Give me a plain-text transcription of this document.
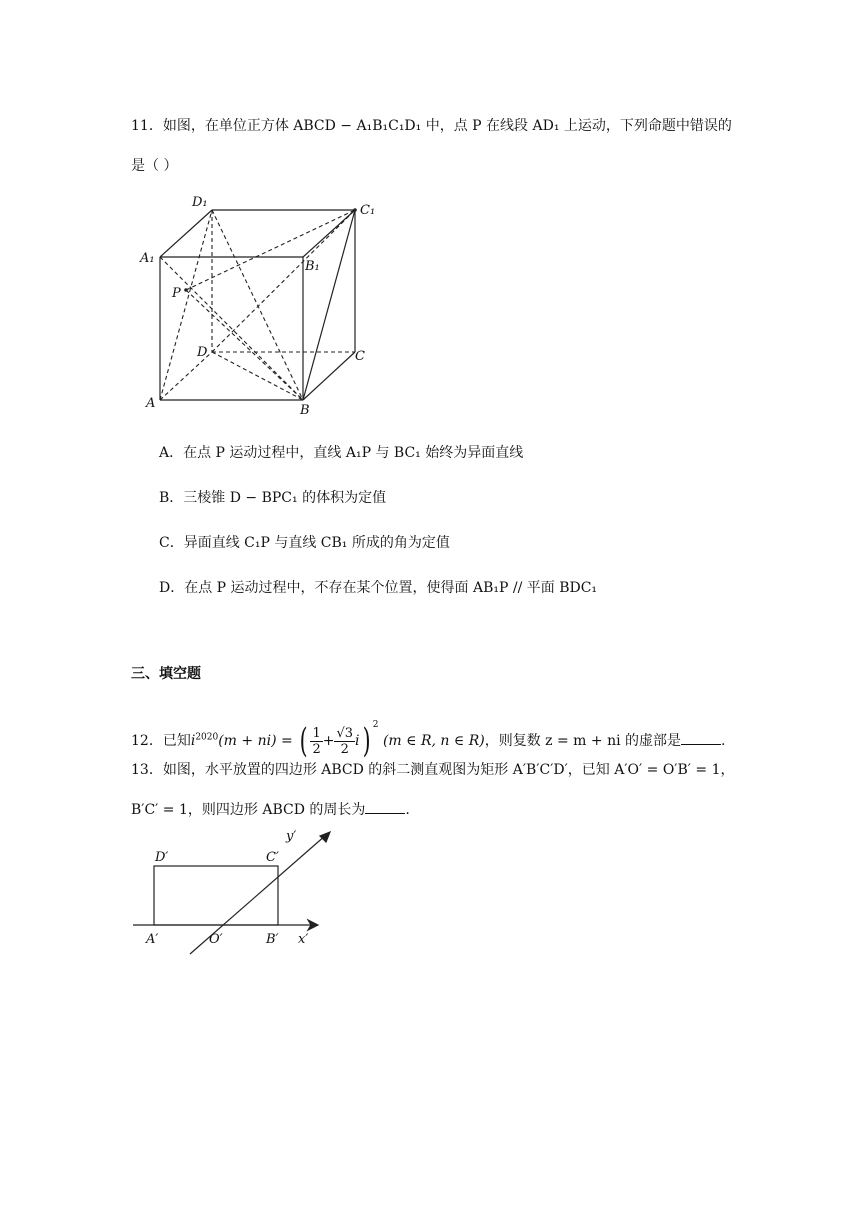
11．如图，在单位正方体 ABCD − A₁B₁C₁D₁ 中，点 P 在线段 AD₁ 上运动，下列命题中错误的
是（ ）
D₁
C₁
A₁
B₁
P
D	C
A	B
A．在点 P 运动过程中，直线 A₁P 与 BC₁ 始终为异面直线
B．三棱锥 D − BPC₁ 的体积为定值
C．异面直线 C₁P 与直线 CB₁ 所成的角为定值
D．在点 P 运动过程中，不存在某个位置，使得面 AB₁P // 平面 BDC₁
三、填空题
12．已知$i^{2020}(m + ni)$ = ( $\frac{1}{2} + \frac{√3}{2} i$) $^2$ (m ∈ R, n ∈ R)，则复数 z = m + ni 的虚部是	.
13．如图，水平放置的四边形 ABCD 的斜二测直观图为矩形 A′B′C′D′，已知 A′O′ = O′B′ = 1，
B′C′ = 1，则四边形 ABCD 的周长为	.
D′	C′
A′	O′	B′ x′
y′
